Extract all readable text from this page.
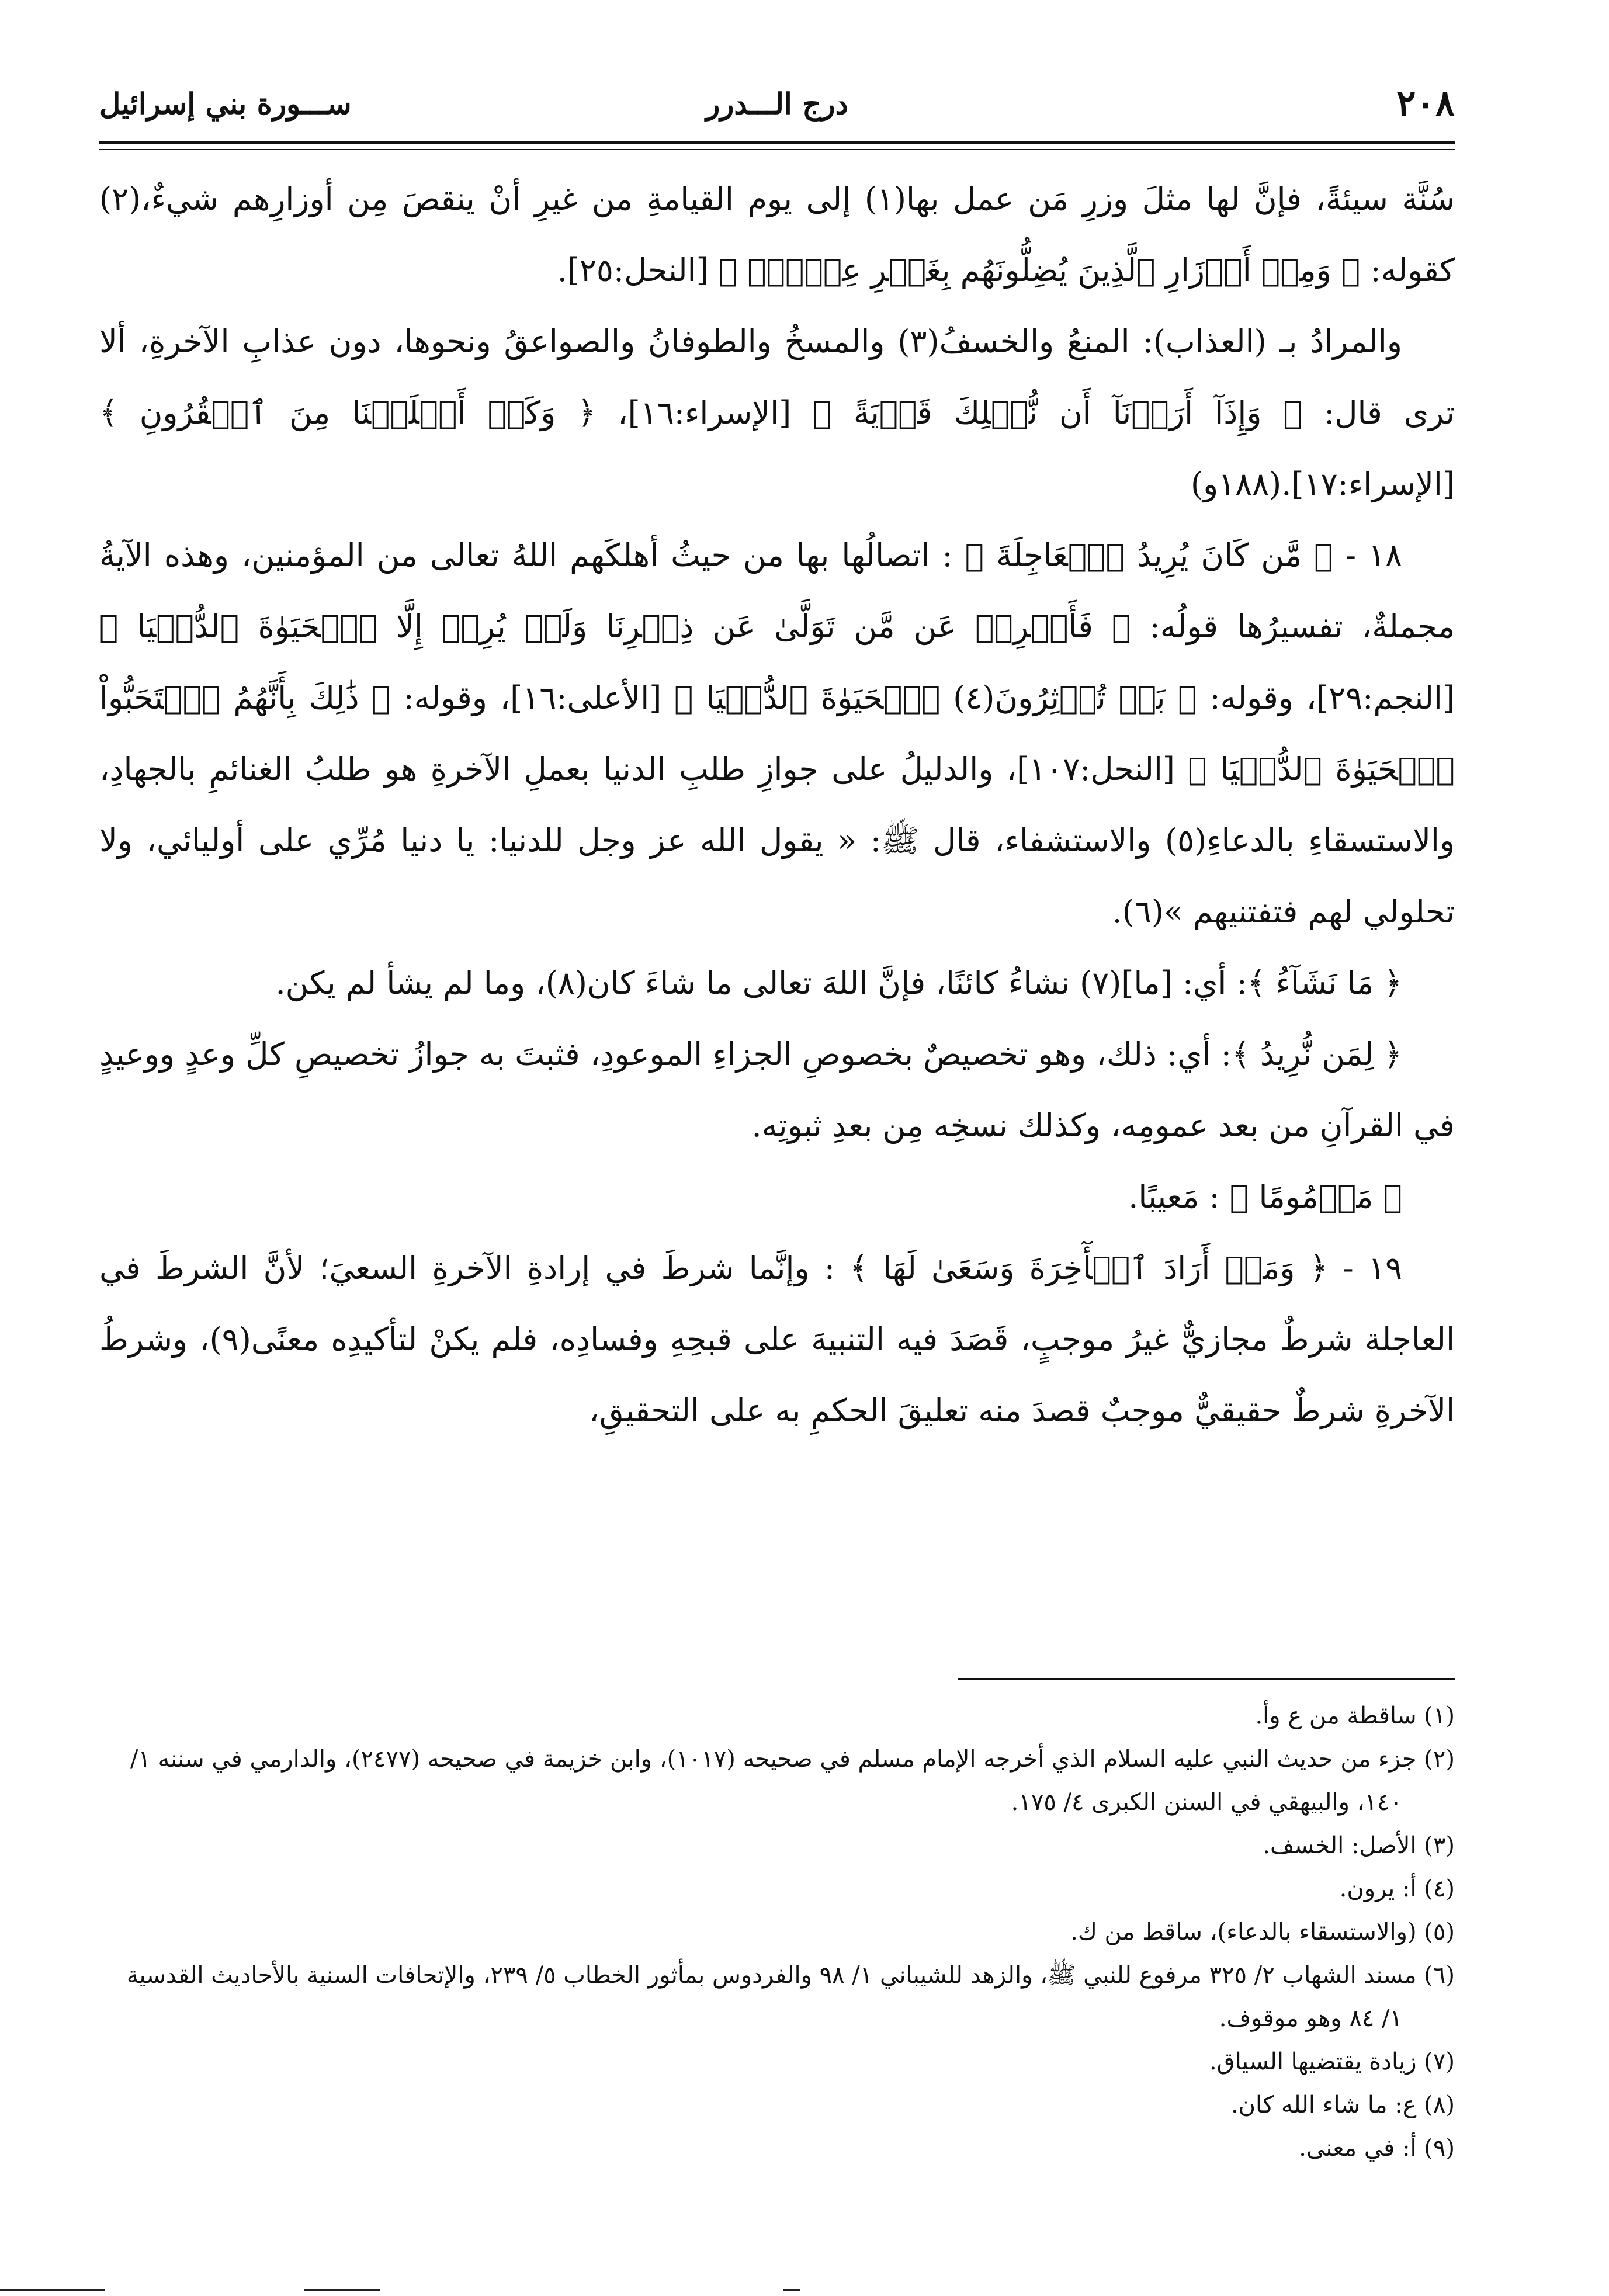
٢٠٨
درج الـــدرر
ســـورة بني إسرائيل

سُنَّة سيئةً، فإنَّ لها مثلَ وزرِ مَن عمل بها(١) إلى يوم القيامةِ من غيرِ أنْ ينقصَ مِن أوزارِهم شيءٌ،(٢) كقوله: ﴿ وَمِنۡ أَوۡزَارِ ٱلَّذِينَ يُضِلُّونَهُم بِغَيۡرِ عِلۡمٍۗ ﴾ [النحل:٢٥].

والمرادُ بـ (العذاب): المنعُ والخسفُ(٣) والمسخُ والطوفانُ والصواعقُ ونحوها، دون عذابِ الآخرةِ، ألا ترى قال: ﴿ وَإِذَآ أَرَدۡنَآ أَن نُّهۡلِكَ قَرۡيَةً ﴾ [الإسراء:١٦]، ﴿ وَكَمۡ أَهۡلَكۡنَا مِنَ ٱلۡقُرُونِ ﴾ [الإسراء:١٧].(١٨٨و)

١٨ - ﴿ مَّن كَانَ يُرِيدُ ٱلۡعَاجِلَةَ ﴾ : اتصالُها بها من حيثُ أهلكَهم اللهُ تعالى من المؤمنين، وهذه الآيةُ مجملةٌ، تفسيرُها قولُه: ﴿ فَأَعۡرِضۡ عَن مَّن تَوَلَّىٰ عَن ذِكۡرِنَا وَلَمۡ يُرِدۡ إِلَّا ٱلۡحَيَوٰةَ ٱلدُّنۡيَا ﴾ [النجم:٢٩]، وقوله: ﴿ بَلۡ تُؤۡثِرُونَ(٤) ٱلۡحَيَوٰةَ ٱلدُّنۡيَا ﴾ [الأعلى:١٦]، وقوله: ﴿ ذَٰلِكَ بِأَنَّهُمُ ٱسۡتَحَبُّواْ ٱلۡحَيَوٰةَ ٱلدُّنۡيَا ﴾ [النحل:١٠٧]، والدليلُ على جوازِ طلبِ الدنيا بعملِ الآخرةِ هو طلبُ الغنائمِ بالجهادِ، والاستسقاءِ بالدعاءِ(٥) والاستشفاء، قال ﷺ: « يقول الله عز وجل للدنيا: يا دنيا مُرِّي على أوليائي، ولا تحلولي لهم فتفتنيهم »(٦).

﴿ مَا نَشَآءُ ﴾: أي: [ما](٧) نشاءُ كائنًا، فإنَّ اللهَ تعالى ما شاءَ كان(٨)، وما لم يشأ لم يكن.

﴿ لِمَن نُّرِيدُ ﴾: أي: ذلك، وهو تخصيصٌ بخصوصِ الجزاءِ الموعودِ، فثبتَ به جوازُ تخصيصِ كلِّ وعدٍ ووعيدٍ في القرآنِ من بعد عمومِه، وكذلك نسخِه مِن بعدِ ثبوتِه.

﴿ مَذۡمُومًا ﴾ : مَعيبًا.

١٩ - ﴿ وَمَنۡ أَرَادَ ٱلۡأٓخِرَةَ وَسَعَىٰ لَهَا ﴾ : وإنَّما شرطَ في إرادةِ الآخرةِ السعيَ؛ لأنَّ الشرطَ في العاجلة شرطٌ مجازيٌّ غيرُ موجبٍ، قَصَدَ فيه التنبيهَ على قبحِهِ وفسادِه، فلم يكنْ لتأكيدِه معنًى(٩)، وشرطُ الآخرةِ شرطٌ حقيقيٌّ موجبٌ قصدَ منه تعليقَ الحكمِ به على التحقيقِ،

(١) ساقطة من ع وأ.

(٢) جزء من حديث النبي عليه السلام الذي أخرجه الإمام مسلم في صحيحه (١٠١٧)، وابن خزيمة في صحيحه (٢٤٧٧)، والدارمي في سننه ١/ ١٤٠، والبيهقي في السنن الكبرى ٤/ ١٧٥.

(٣) الأصل: الخسف.

(٤) أ: يرون.

(٥) (والاستسقاء بالدعاء)، ساقط من ك.

(٦) مسند الشهاب ٢/ ٣٢٥ مرفوع للنبي ﷺ، والزهد للشيباني ١/ ٩٨ والفردوس بمأثور الخطاب ٥/ ٢٣٩، والإتحافات السنية بالأحاديث القدسية ١/ ٨٤ وهو موقوف.

(٧) زيادة يقتضيها السياق.

(٨) ع: ما شاء الله كان.

(٩) أ: في معنى.
